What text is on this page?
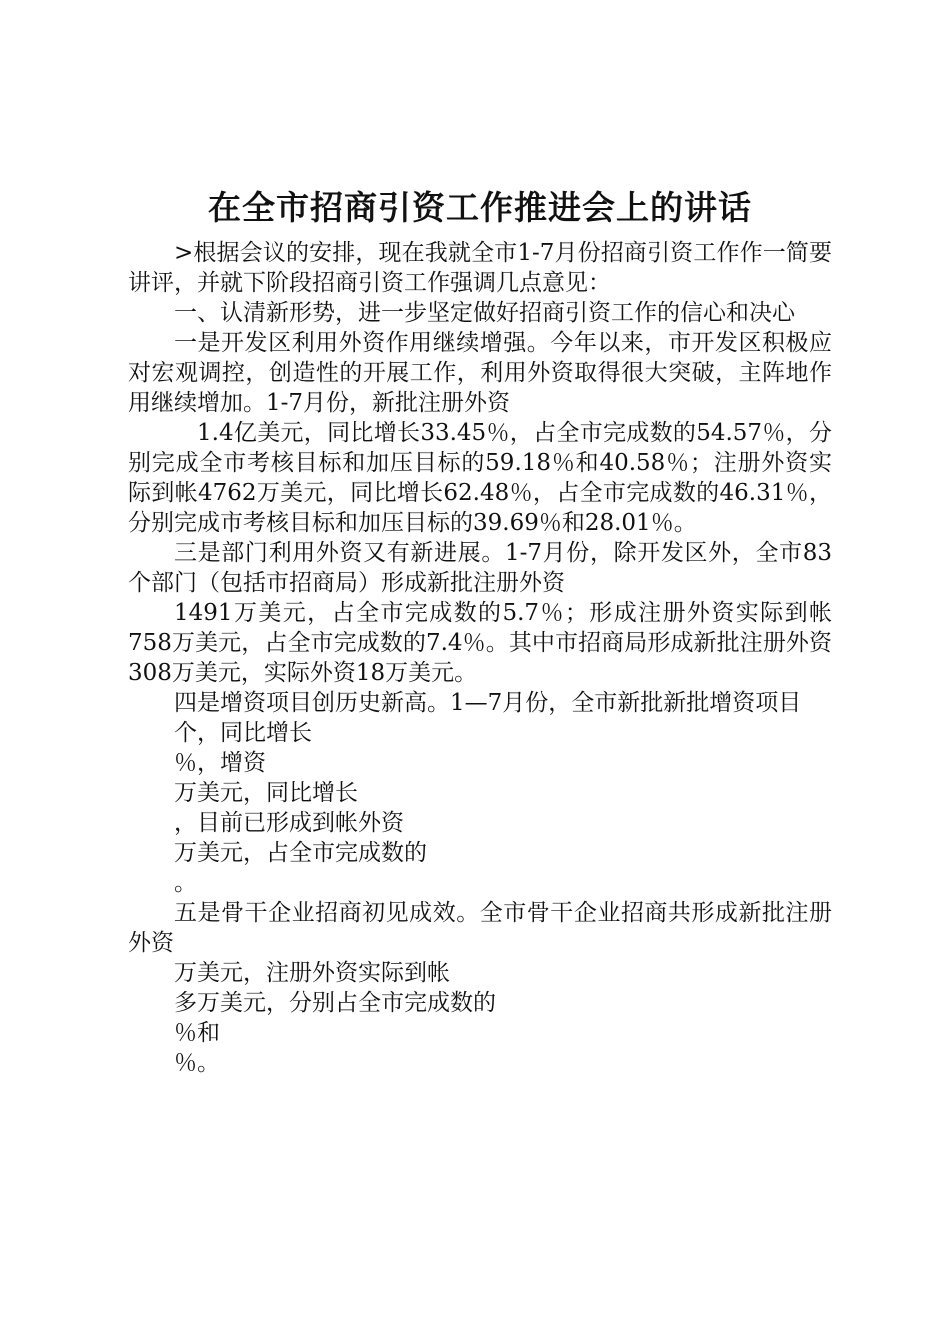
在全市招商引资工作推进会上的讲话

>根据会议的安排，现在我就全市1-7月份招商引资工作作一简要讲评，并就下阶段招商引资工作强调几点意见：

一、认清新形势，进一步坚定做好招商引资工作的信心和决心

一是开发区利用外资作用继续增强。今年以来，市开发区积极应对宏观调控，创造性的开展工作，利用外资取得很大突破，主阵地作用继续增加。1-7月份，新批注册外资

1.4亿美元，同比增长33.45％，占全市完成数的54.57％，分别完成全市考核目标和加压目标的59.18％和40.58％；注册外资实际到帐4762万美元，同比增长62.48％，占全市完成数的46.31％，分别完成市考核目标和加压目标的39.69％和28.01％。

三是部门利用外资又有新进展。1-7月份，除开发区外，全市83个部门（包括市招商局）形成新批注册外资

1491万美元，占全市完成数的5.7％；形成注册外资实际到帐758万美元，占全市完成数的7.4％。其中市招商局形成新批注册外资308万美元，实际外资18万美元。

四是增资项目创历史新高。1—7月份，全市新批新批增资项目

个，同比增长

％，增资

万美元，同比增长

，目前已形成到帐外资

万美元，占全市完成数的

。

五是骨干企业招商初见成效。全市骨干企业招商共形成新批注册外资

万美元，注册外资实际到帐

多万美元，分别占全市完成数的

％和

％。
